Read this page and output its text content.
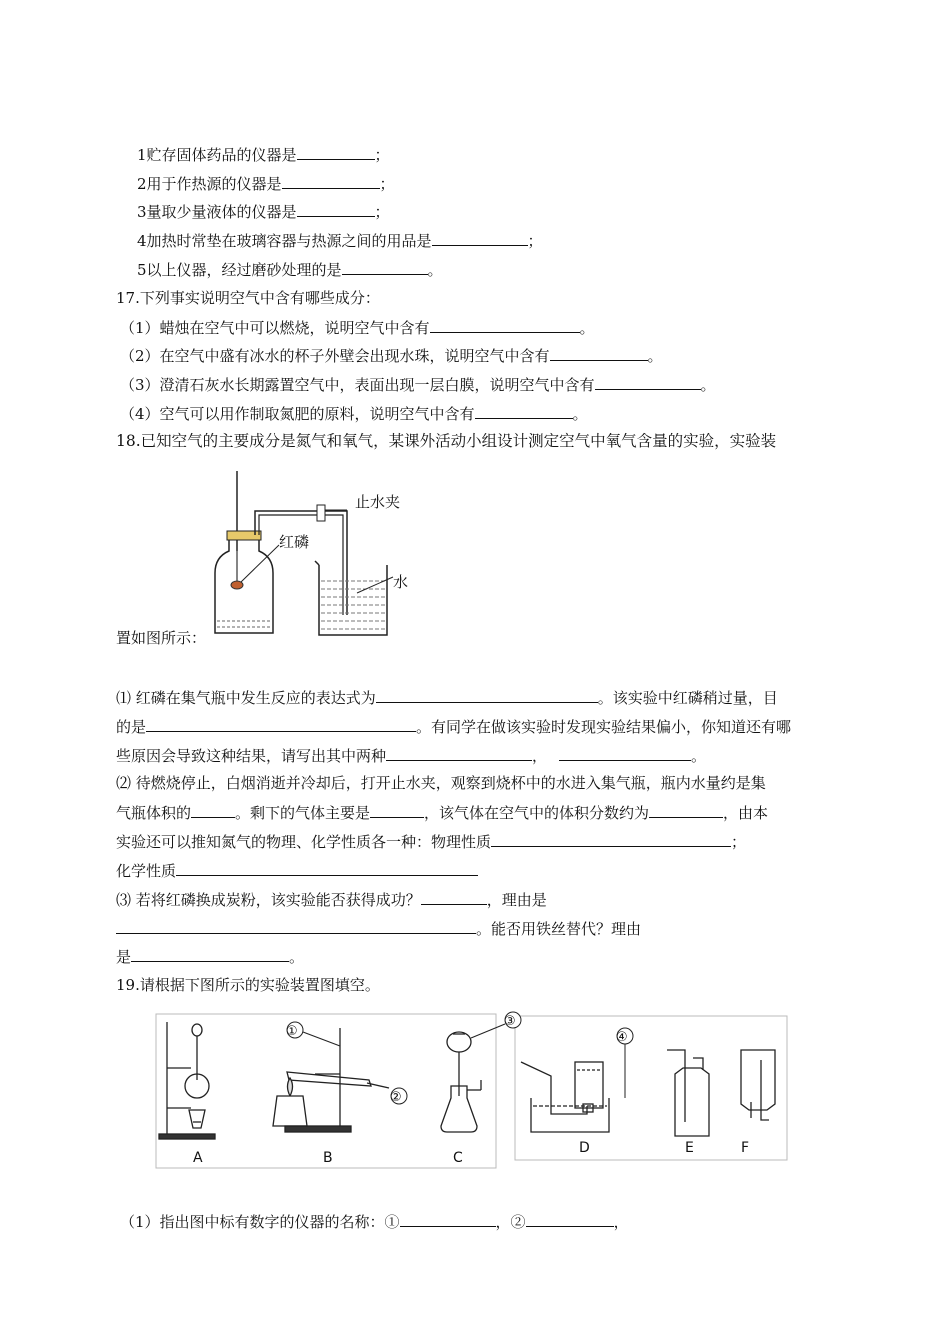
1贮存固体药品的仪器是	；
2用于作热源的仪器是	；
3量取少量液体的仪器是	；
4加热时常垫在玻璃容器与热源之间的用品是	；
5以上仪器，经过磨砂处理的是	。
17.下列事实说明空气中含有哪些成分：
（1）蜡烛在空气中可以燃烧，说明空气中含有	。
（2）在空气中盛有冰水的杯子外壁会出现水珠，说明空气中含有	。
（3）澄清石灰水长期露置空气中，表面出现一层白膜，说明空气中含有	。
（4）空气可以用作制取氮肥的原料，说明空气中含有	。
18.已知空气的主要成分是氮气和氧气，某课外活动小组设计测定空气中氧气含量的实验，实验装
止水夹
红磷
水
置如图所示：
⑴ 红磷在集气瓶中发生反应的表达式为	。该实验中红磷稍过量，目
的是	。有同学在做该实验时发现实验结果偏小，你知道还有哪
些原因会导致这种结果，请写出其中两种	，	。
⑵ 待燃烧停止，白烟消逝并冷却后，打开止水夹，观察到烧杯中的水进入集气瓶，瓶内水量约是集
气瓶体积的	。剩下的气体主要是	，该气体在空气中的体积分数约为	，由本
实验还可以推知氮气的物理、化学性质各一种：物理性质	；
化学性质
⑶ 若将红磷换成炭粉，该实验能否获得成功？	，理由是
。能否用铁丝替代？理由
是	。
19.请根据下图所示的实验装置图填空。
A
①
②
B
③
C
④
D	E	F
（1）指出图中标有数字的仪器的名称：①	，②	，
